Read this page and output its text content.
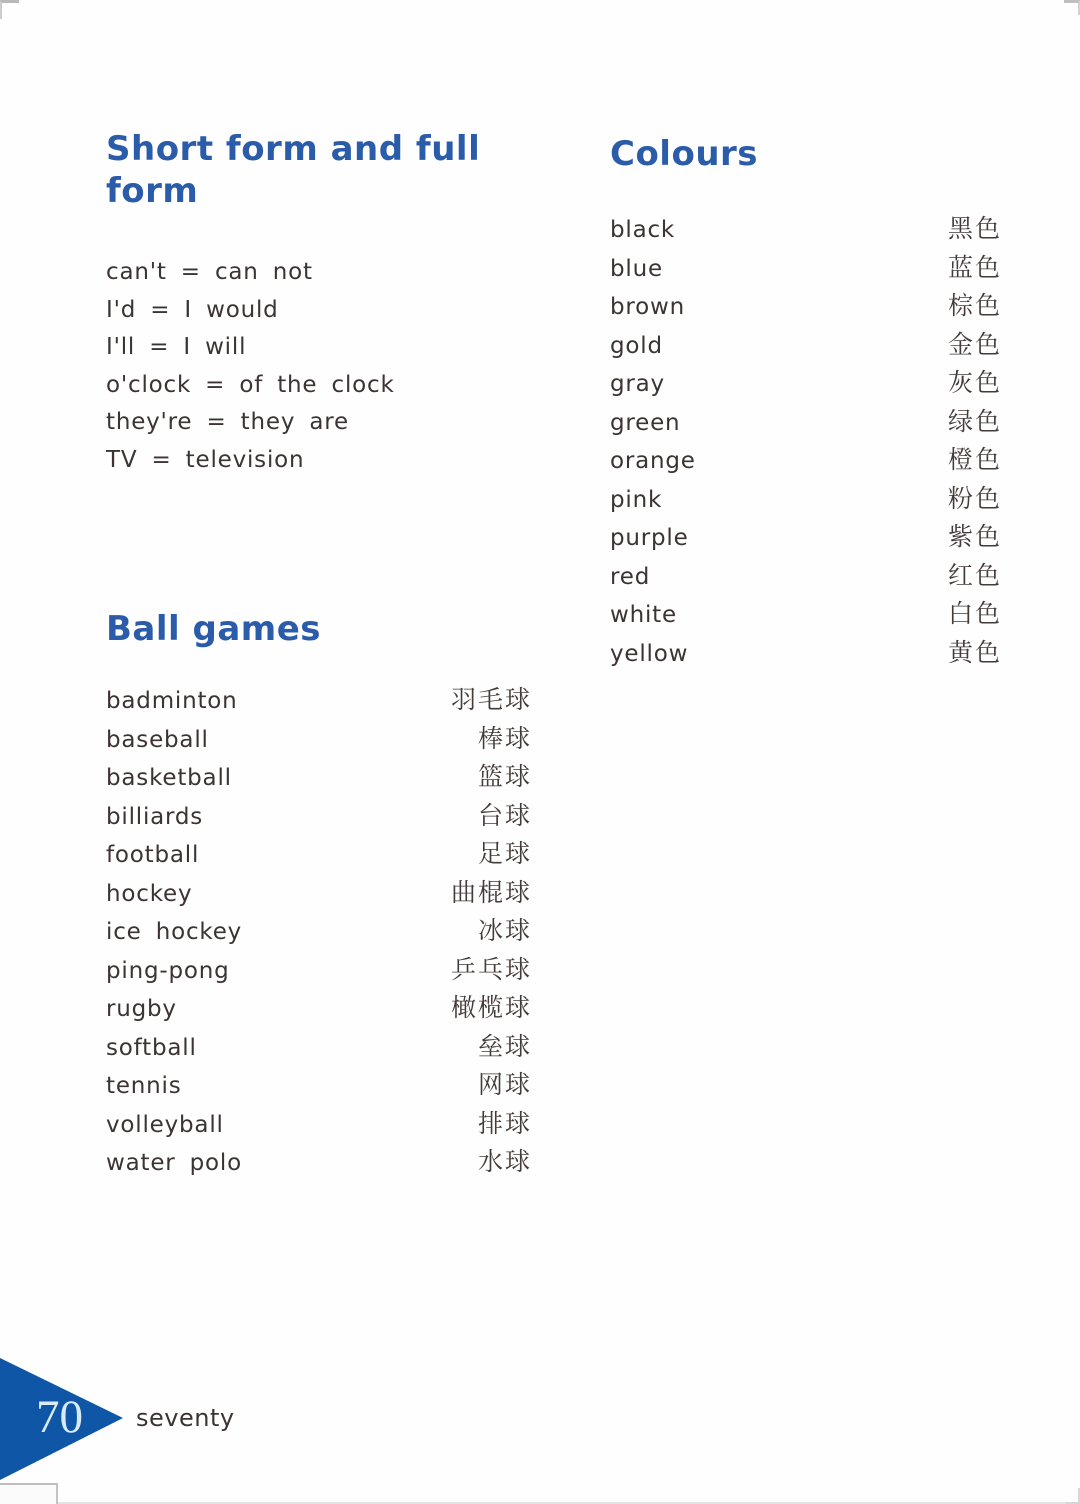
Short form and full form
can't = can not
I'd = I would
I'll = I will
o'clock = of the clock
they're = they are
TV = television
Colours
black	黑色
blue	蓝色
brown	棕色
gold	金色
gray	灰色
green	绿色
orange	橙色
pink	粉色
purple	紫色
red	红色
white	白色
yellow	黄色
Ball games
badminton	羽毛球
baseball	棒球
basketball	篮球
billiards	台球
football	足球
hockey	曲棍球
ice hockey	冰球
ping-pong	乒乓球
rugby	橄榄球
softball	垒球
tennis	网球
volleyball	排球
water polo	水球
70 seventy
